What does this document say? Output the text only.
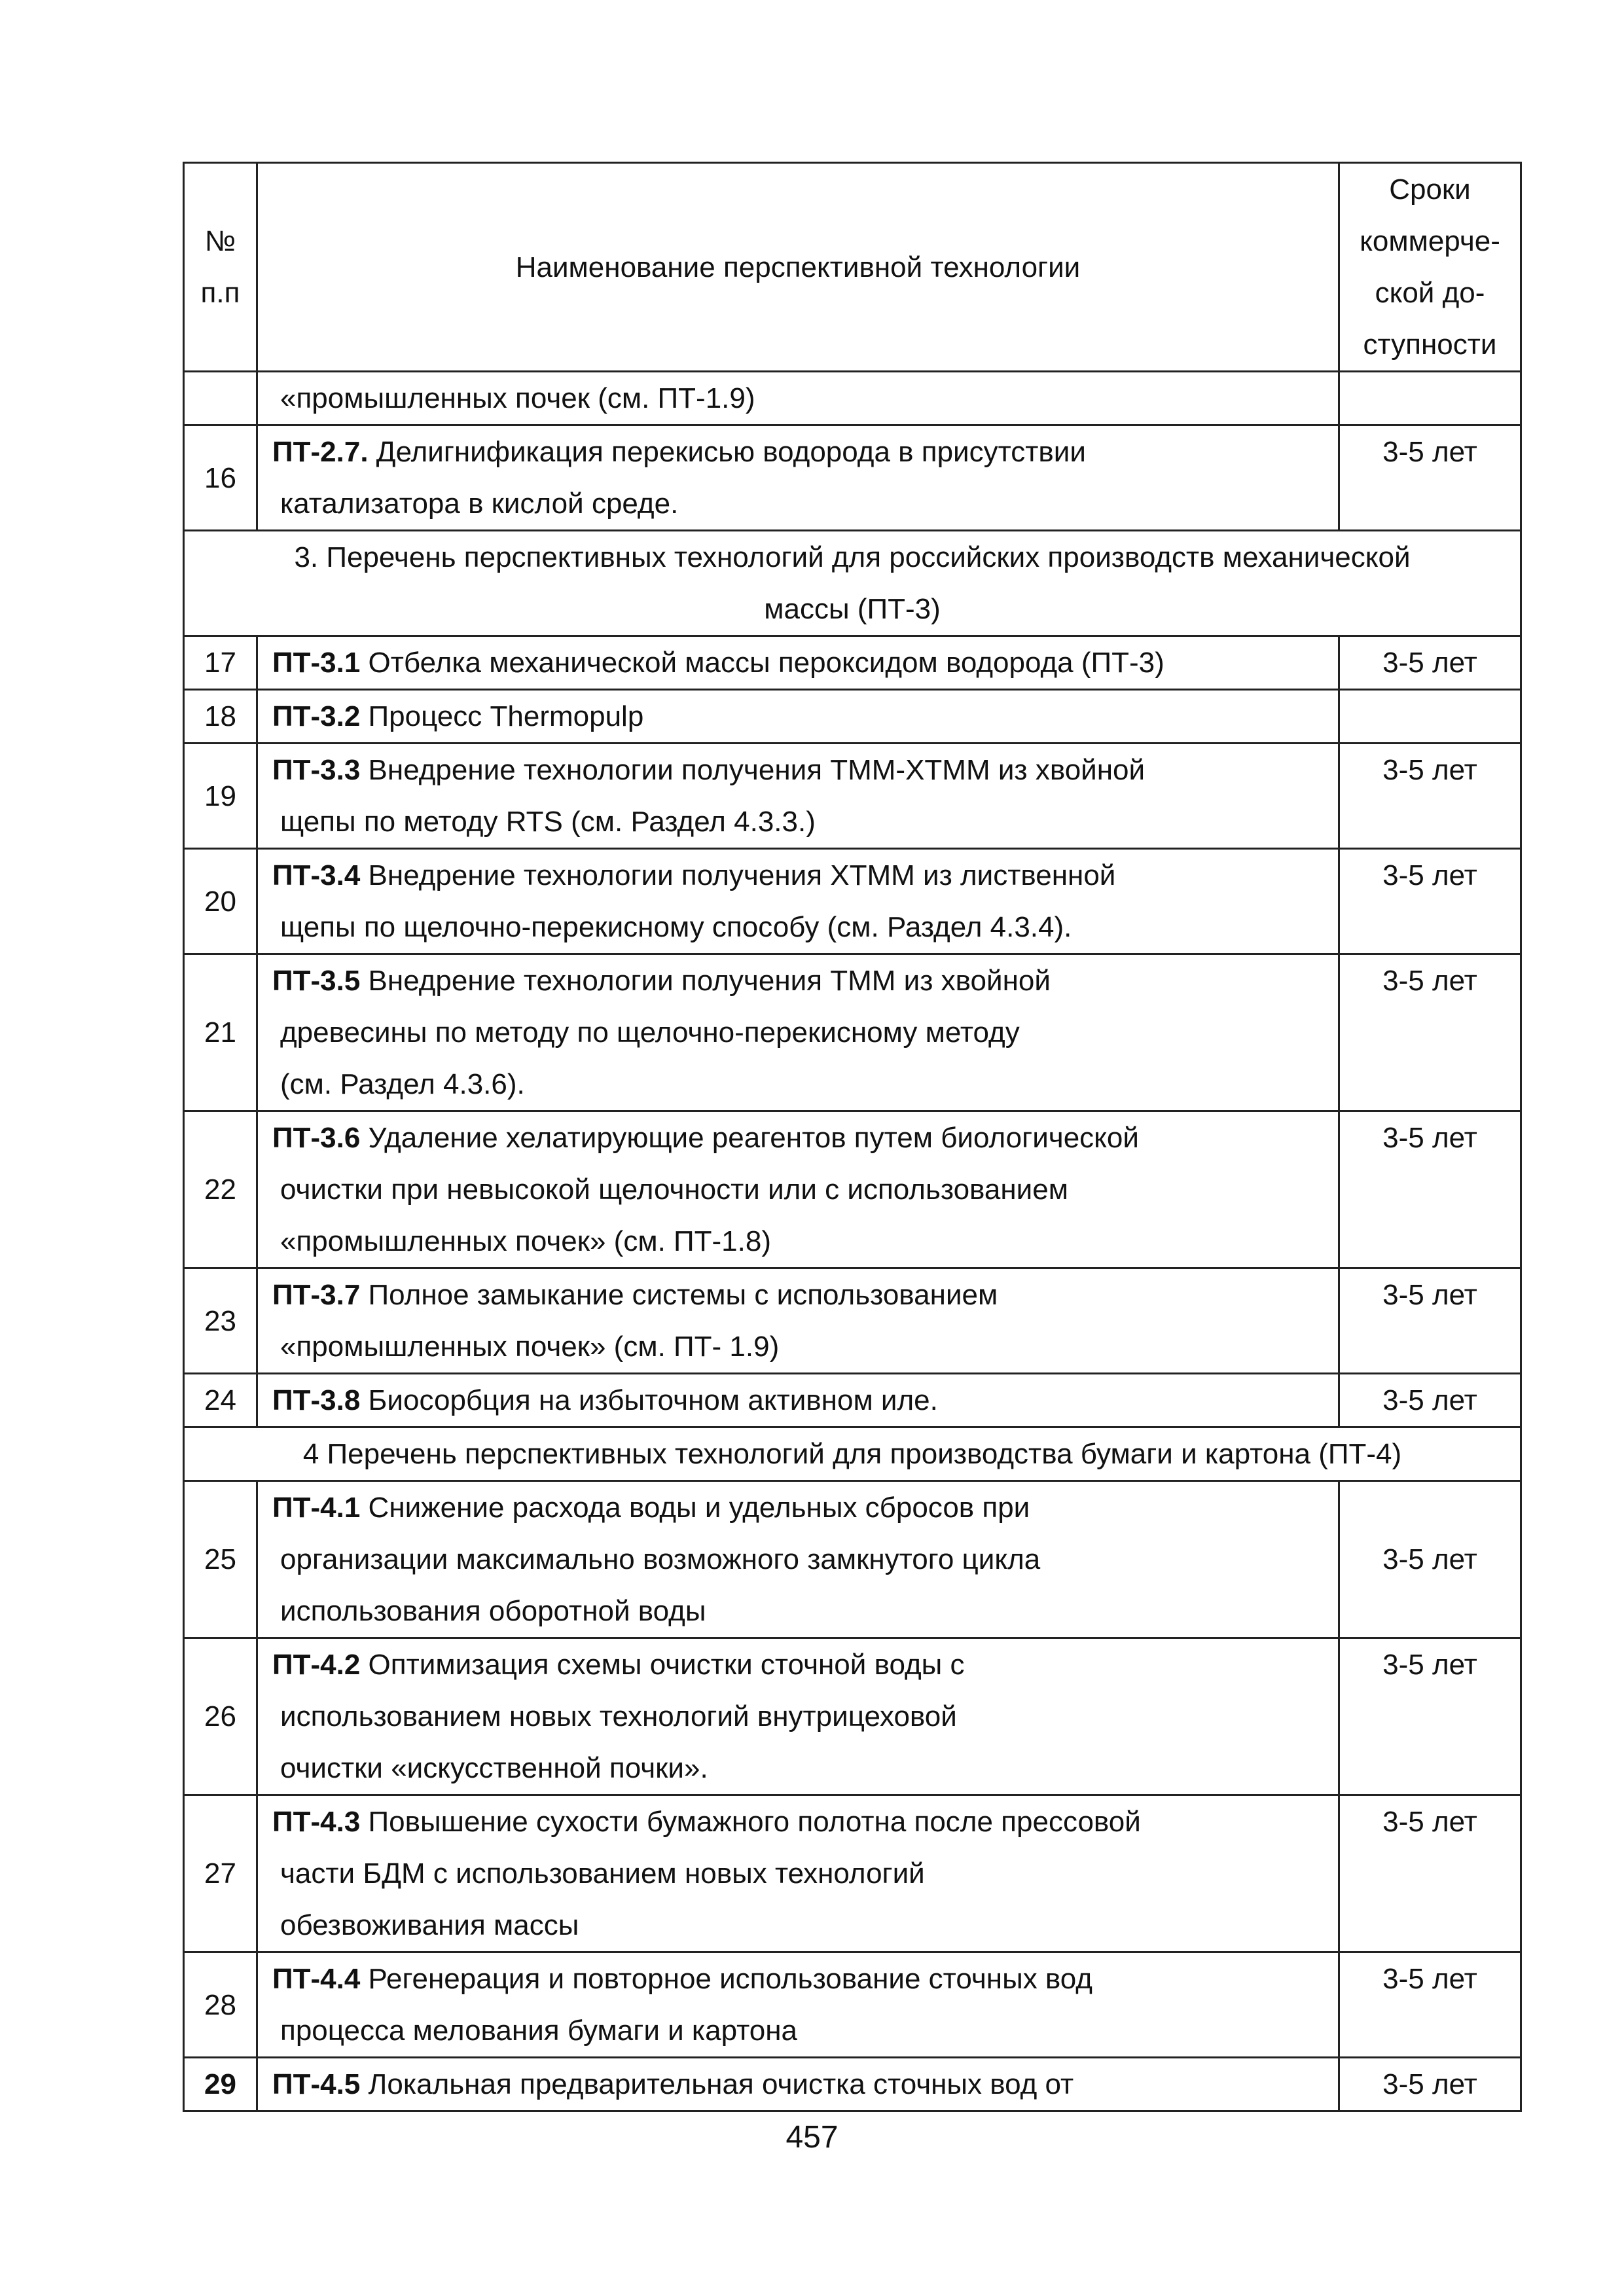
№
п.п	Наименование перспективной технологии	Сроки
коммерче-
ской до-
ступности

	«промышленных почек (см. ПТ-1.9)	

16	ПТ-2.7. Делигнификация перекисью водорода в присутствии
катализатора в кислой среде.	3-5 лет

3. Перечень перспективных технологий для российских производств механической
массы (ПТ-3)		

17	ПТ-3.1 Отбелка механической массы пероксидом водорода (ПТ-3)	3-5 лет
18	ПТ-3.2 Процесс Thermopulp	

19	ПТ-3.3 Внедрение технологии получения ТММ-ХТММ из хвойной
щепы по методу RTS (см. Раздел 4.3.3.)	3-5 лет
20	ПТ-3.4 Внедрение технологии получения ХТММ из лиственной
щепы по щелочно-перекисному способу (см. Раздел 4.3.4).	3-5 лет
21	ПТ-3.5 Внедрение технологии получения ТММ из хвойной
древесины по методу по щелочно-перекисному методу
(см. Раздел 4.3.6).	3-5 лет
22	ПТ-3.6 Удаление хелатирующие реагентов путем биологической
очистки при невысокой щелочности или с использованием
«промышленных почек» (см. ПТ-1.8)	3-5 лет
23	ПТ-3.7 Полное замыкание системы с использованием
«промышленных почек» (см. ПТ- 1.9)	3-5 лет
24	ПТ-3.8 Биосорбция на избыточном активном иле.	3-5 лет

4 Перечень перспективных технологий для производства бумаги и картона (ПТ-4)		

25	ПТ-4.1 Снижение расхода воды и удельных сбросов при
организации максимально возможного замкнутого цикла
использования оборотной воды	3-5 лет
26	ПТ-4.2 Оптимизация схемы очистки сточной воды с
использованием новых технологий внутрицеховой
очистки «искусственной почки».	3-5 лет
27	ПТ-4.3 Повышение сухости бумажного полотна после прессовой
части БДМ с использованием новых технологий
обезвоживания массы	3-5 лет
28	ПТ-4.4 Регенерация и повторное использование сточных вод
процесса мелования бумаги и картона	3-5 лет
29	ПТ-4.5 Локальная предварительная очистка сточных вод от	3-5 лет
457
